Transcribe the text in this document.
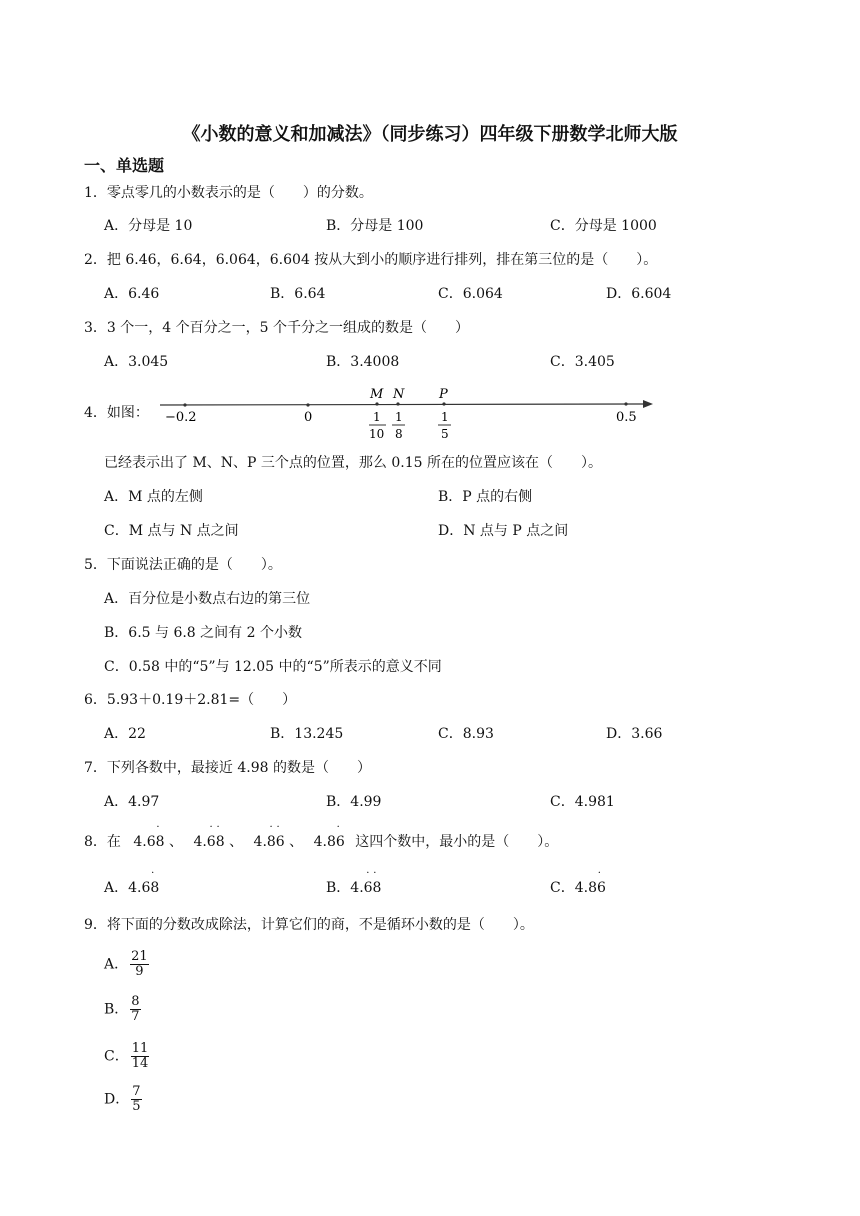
《小数的意义和加减法》（同步练习）四年级下册数学北师大版
一、单选题
1．零点零几的小数表示的是（　　）的分数。
A．分母是 10	B．分母是 100	C．分母是 1000
2．把 6.46，6.64，6.064，6.604 按从大到小的顺序进行排列，排在第三位的是（　　）。
A．6.46	B．6.64	C．6.064	D．6.604
3．3 个一，4 个百分之一，5 个千分之一组成的数是（　　）
A．3.045	B．3.4008	C．3.405
4．如图： −0.2	0	0.5
M N	P
1
10
1
8
1
5
已经表示出了 M、N、P 三个点的位置，那么 0.15 所在的位置应该在（　　）。
A．M 点的左侧	B．P 点的右侧
C．M 点与 N 点之间	D．N 点与 P 点之间
5．下面说法正确的是（　　）。
A．百分位是小数点右边的第三位
B．6.5 与 6.8 之间有 2 个小数
C．0.58 中的“5”与 12.05 中的“5”所表示的意义不同
6．5.93＋0.19＋2.81=（　　）
A．22	B．13.245	C．8.93	D．3.66
7．下列各数中，最接近 4.98 的数是（　　）
A．4.97	B．4.99	C．4.981
8．在 4.68
·
、 4.68
· ·
、 4.86
· ·
、 4.86
·
这四个数中，最小的是（　　）。
A．4.68
·
B．4.68
· ·
C．4.86
·
9．将下面的分数改成除法，计算它们的商，不是循环小数的是（　　）。
A． $\frac{21}{9}$
B． $\frac{8}{7}$
C． $\frac{11}{14}$
D． $\frac{7}{5}$
